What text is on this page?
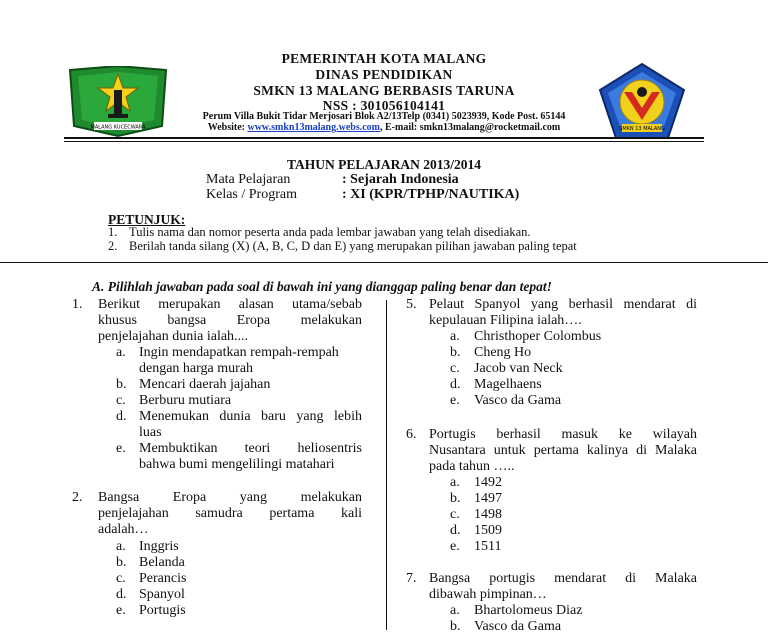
MALANG KUCECWARA	SMKN 13 MALANG
PEMERINTAH KOTA MALANG
DINAS PENDIDIKAN
SMKN 13 MALANG BERBASIS TARUNA
NSS : 301056104141
Perum Villa Bukit Tidar Merjosari Blok A2/13Telp (0341) 5023939, Kode Post. 65144
Website: www.smkn13malang.webs.com, E-mail: smkn13malang@rocketmail.com
TAHUN PELAJARAN 2013/2014
Mata Pelajaran	: Sejarah Indonesia
Kelas / Program	: XI (KPR/TPHP/NAUTIKA)
PETUNJUK:
1. Tulis nama dan nomor peserta anda pada lembar jawaban yang telah disediakan.
2. Berilah tanda silang (X) (A, B, C, D dan E) yang merupakan pilihan jawaban paling tepat
A. Pilihlah jawaban pada soal di bawah ini yang dianggap paling benar dan tepat!
1. Berikut merupakan alasan utama/sebab
khusus bangsa Eropa melakukan
penjelajahan dunia ialah....
a. Ingin mendapatkan rempah-rempah
dengan harga murah
b. Mencari daerah jajahan
c. Berburu mutiara
d. Menemukan dunia baru yang lebih
luas
e. Membuktikan teori heliosentris
bahwa bumi mengelilingi matahari
2. Bangsa Eropa yang melakukan
penjelajahan samudra pertama kali
adalah…
a. Inggris
b. Belanda
c. Perancis
d. Spanyol
e. Portugis
5. Pelaut Spanyol yang berhasil mendarat di
kepulauan Filipina ialah….
a. Christhoper Colombus
b. Cheng Ho
c. Jacob van Neck
d. Magelhaens
e. Vasco da Gama
6. Portugis berhasil masuk ke wilayah
Nusantara untuk pertama kalinya di Malaka
pada tahun …..
a. 1492
b. 1497
c. 1498
d. 1509
e. 1511
7. Bangsa portugis mendarat di Malaka
dibawah pimpinan…
a. Bhartolomeus Diaz
b. Vasco da Gama
